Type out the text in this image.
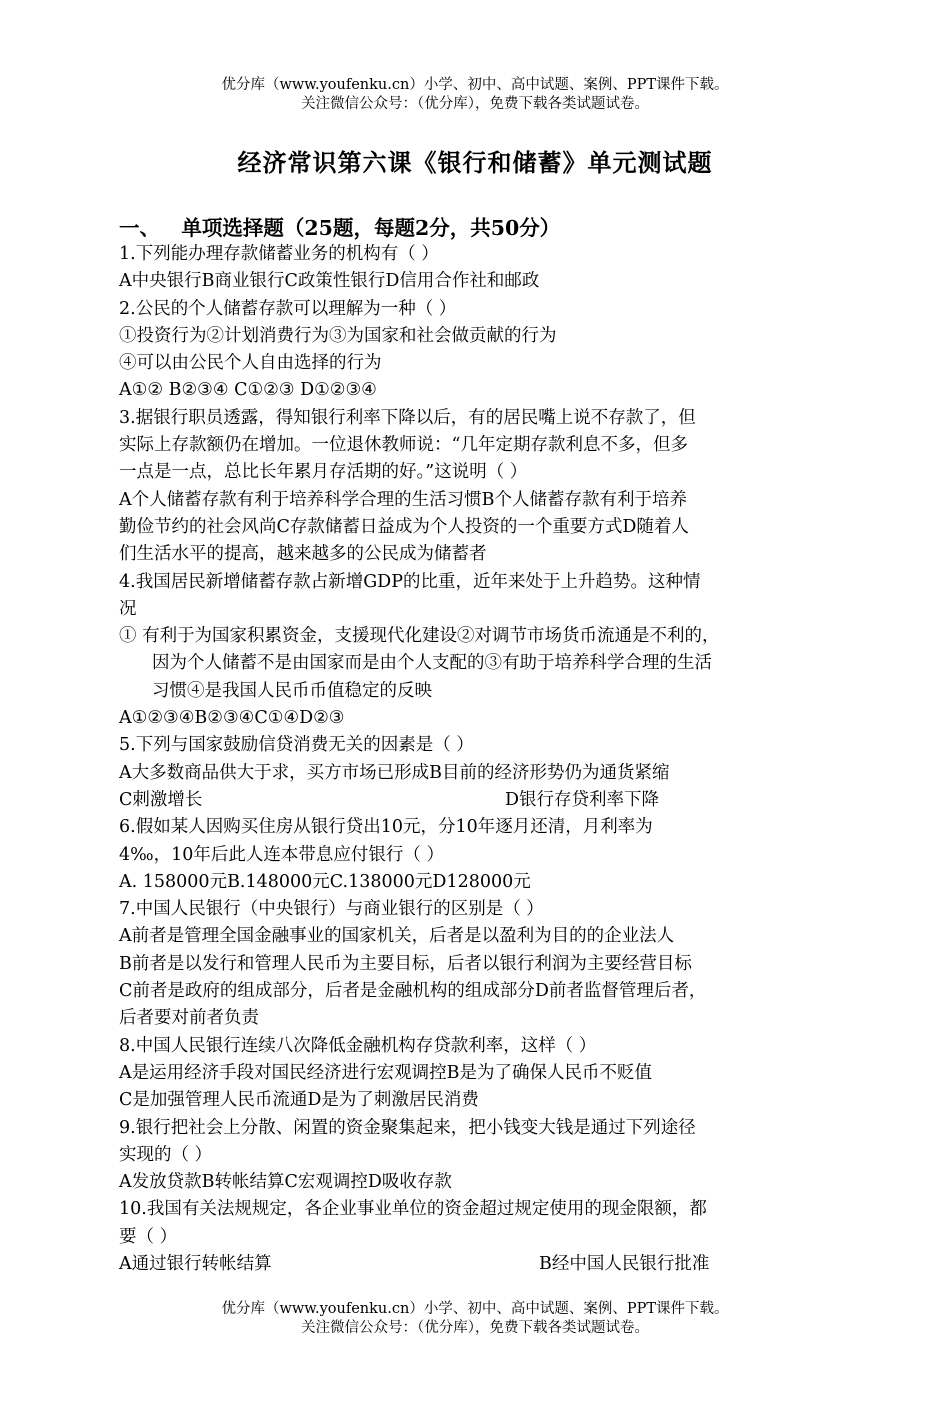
优分库（www.youfenku.cn）小学、初中、高中试题、案例、PPT课件下载。
关注微信公众号：（优分库），免费下载各类试题试卷。
经济常识第六课《银行和储蓄》单元测试题
一、   单项选择题（25题，每题2分，共50分）
1.下列能办理存款储蓄业务的机构有（ ）
A中央银行B商业银行C政策性银行D信用合作社和邮政
2.公民的个人储蓄存款可以理解为一种（ ）
①投资行为②计划消费行为③为国家和社会做贡献的行为
④可以由公民个人自由选择的行为
A①② B②③④ C①②③ D①②③④
3.据银行职员透露，得知银行利率下降以后，有的居民嘴上说不存款了，但
实际上存款额仍在增加。一位退休教师说：“几年定期存款利息不多，但多
一点是一点，总比长年累月存活期的好。”这说明（ ）
A个人储蓄存款有利于培养科学合理的生活习惯B个人储蓄存款有利于培养
勤俭节约的社会风尚C存款储蓄日益成为个人投资的一个重要方式D随着人
们生活水平的提高，越来越多的公民成为储蓄者
4.我国居民新增储蓄存款占新增GDP的比重，近年来处于上升趋势。这种情
况
① 有利于为国家积累资金，支援现代化建设②对调节市场货币流通是不利的，
因为个人储蓄不是由国家而是由个人支配的③有助于培养科学合理的生活
习惯④是我国人民币币值稳定的反映
A①②③④B②③④C①④D②③
5.下列与国家鼓励信贷消费无关的因素是（ ）
A大多数商品供大于求，买方市场已形成B目前的经济形势仍为通货紧缩
C刺激增长	D银行存贷利率下降
6.假如某人因购买住房从银行贷出10元，分10年逐月还清，月利率为
4‰，10年后此人连本带息应付银行（ ）
A. 158000元B.148000元C.138000元D128000元
7.中国人民银行（中央银行）与商业银行的区别是（ ）
A前者是管理全国金融事业的国家机关，后者是以盈利为目的的企业法人
B前者是以发行和管理人民币为主要目标，后者以银行利润为主要经营目标
C前者是政府的组成部分，后者是金融机构的组成部分D前者监督管理后者，
后者要对前者负责
8.中国人民银行连续八次降低金融机构存贷款利率，这样（ ）
A是运用经济手段对国民经济进行宏观调控B是为了确保人民币不贬值
C是加强管理人民币流通D是为了刺激居民消费
9.银行把社会上分散、闲置的资金聚集起来，把小钱变大钱是通过下列途径
实现的（ ）
A发放贷款B转帐结算C宏观调控D吸收存款
10.我国有关法规规定，各企业事业单位的资金超过规定使用的现金限额，都
要（ ）
A通过银行转帐结算	B经中国人民银行批准
优分库（www.youfenku.cn）小学、初中、高中试题、案例、PPT课件下载。
关注微信公众号：（优分库），免费下载各类试题试卷。
